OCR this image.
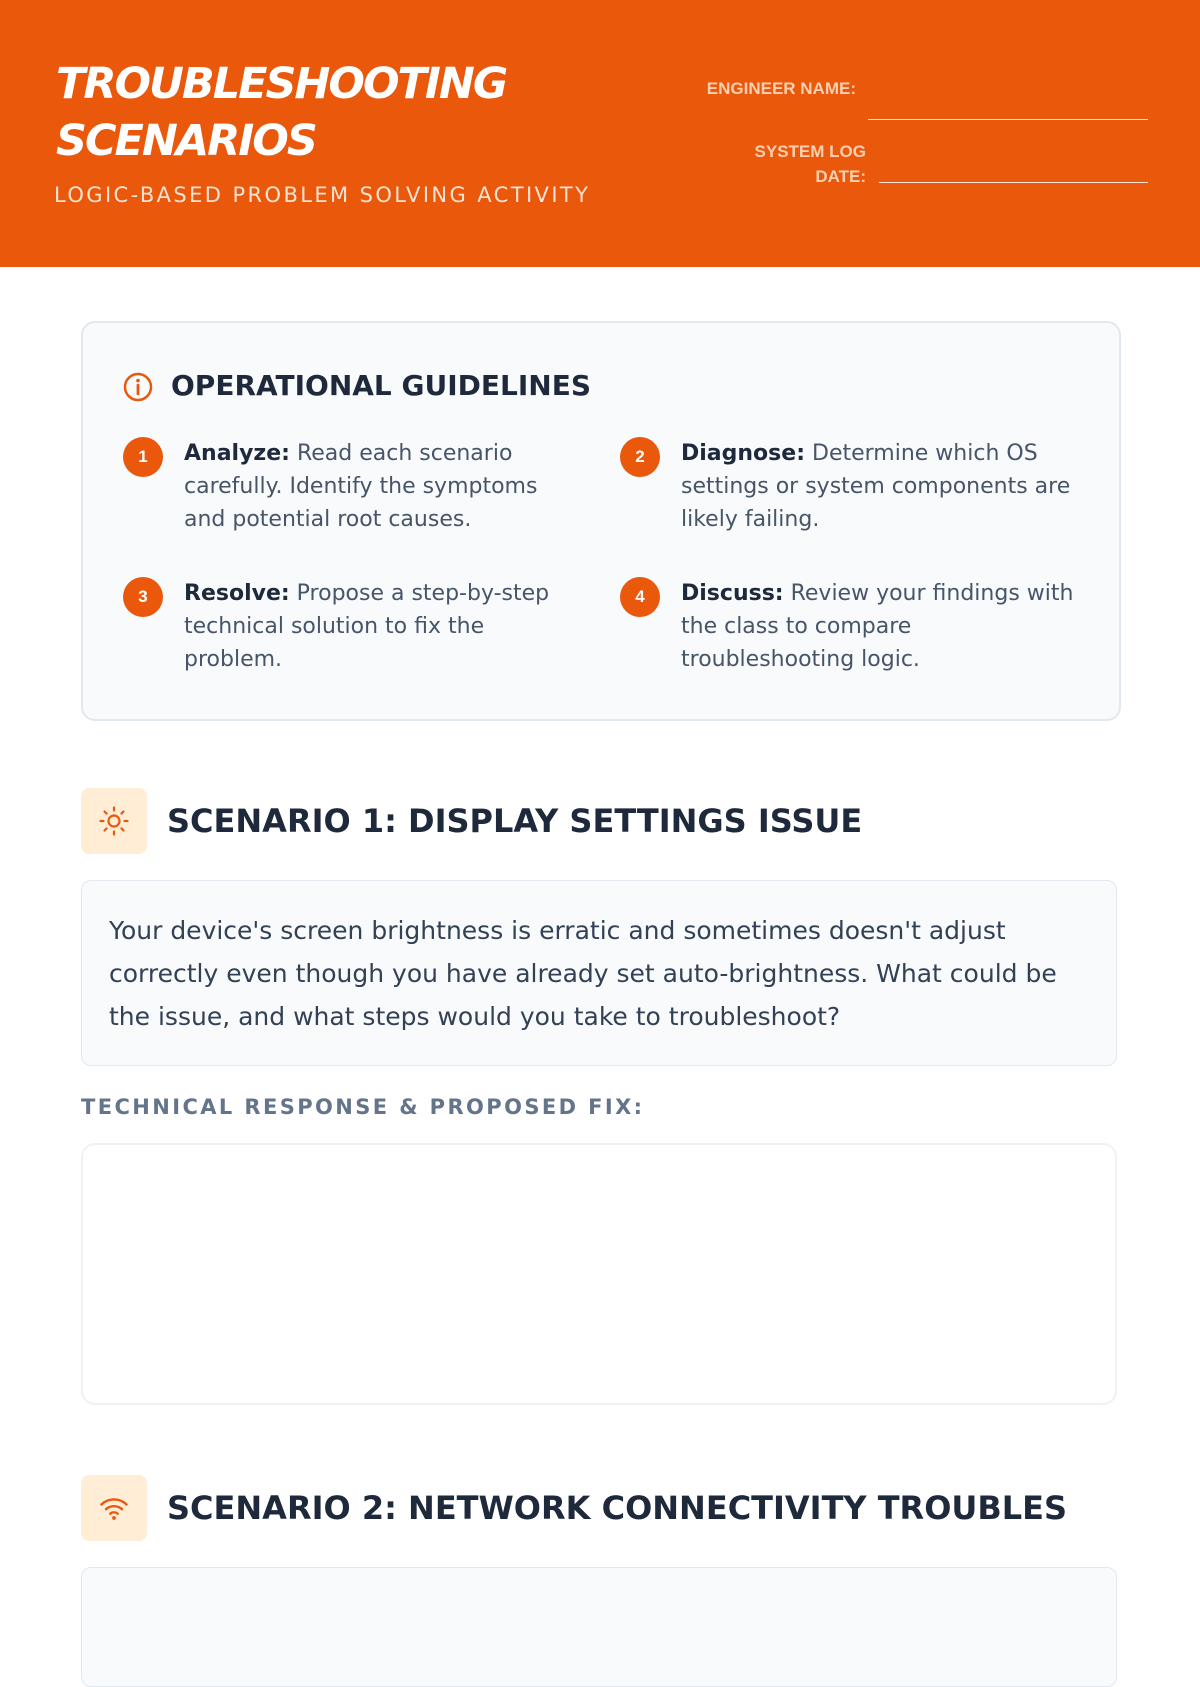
TROUBLESHOOTING SCENARIOS
LOGIC-BASED PROBLEM SOLVING ACTIVITY
ENGINEER NAME:
SYSTEM LOG DATE:
OPERATIONAL GUIDELINES
1	Analyze: Read each scenario carefully. Identify the symptoms and potential root causes.

2	Diagnose: Determine which OS settings or system components are likely failing.

3	Resolve: Propose a step-by-step technical solution to fix the problem.

4	Discuss: Review your findings with the class to compare troubleshooting logic.

SCENARIO 1: DISPLAY SETTINGS ISSUE

Your device's screen brightness is erratic and sometimes doesn't adjust correctly even though you have already set auto-brightness. What could be the issue, and what steps would you take to troubleshoot?

TECHNICAL RESPONSE & PROPOSED FIX:
SCENARIO 2: NETWORK CONNECTIVITY TROUBLES
